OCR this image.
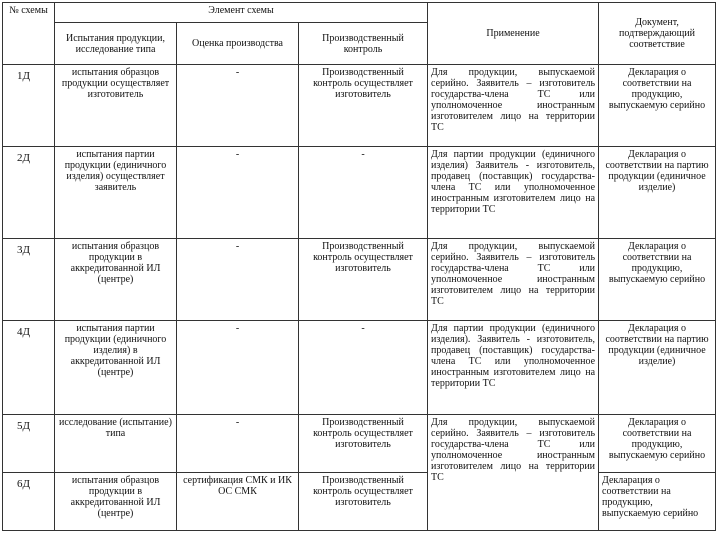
№ схемы	Элемент схемы			Применение	Документ, подтверждающий соответствие
	Испытания продукции, исследование типа	Оценка производства	Производственный контроль		
1Д	испытания образцов продукции осуществляет изготовитель	-	Производственный контроль осуществляет изготовитель	Для продукции, выпускаемой серийно. Заявитель – изготовитель государства-члена ТС или уполномоченное иностранным изготовителем лицо на территории ТС	Декларация о соответствии на продукцию, выпускаемую серийно
2Д	испытания партии продукции (единичного изделия) осуществляет заявитель	-	-	Для партии продукции (единичного изделия) Заявитель - изготовитель, продавец (поставщик) государства-члена ТС или уполномоченное иностранным изготовителем лицо на территории ТС	Декларация о соответствии на партию продукции (единичное изделие)
3Д	испытания образцов продукции в аккредитованной ИЛ (центре)	-	Производственный контроль осуществляет изготовитель	Для продукции, выпускаемой серийно. Заявитель – изготовитель государства-члена ТС или уполномоченное иностранным изготовителем лицо на территории ТС	Декларация о соответствии на продукцию, выпускаемую серийно
4Д	испытания партии продукции (единичного изделия) в аккредитованной ИЛ (центре)	-	-	Для партии продукции (единичного изделия). Заявитель - изготовитель, продавец (поставщик) государства-члена ТС или уполномоченное иностранным изготовителем лицо на территории ТС	Декларация о соответствии на партию продукции (единичное изделие)
5Д	исследование (испытание) типа	-	Производственный контроль осуществляет изготовитель	Для продукции, выпускаемой серийно. Заявитель – изготовитель государства-члена ТС или уполномоченное иностранным изготовителем лицо на территории ТС	Декларация о соответствии на продукцию, выпускаемую серийно
6Д	испытания образцов продукции в аккредитованной ИЛ (центре)	сертификация СМК и ИК ОС СМК	Производственный контроль осуществляет изготовитель		Декларация о соответствии на продукцию, выпускаемую серийно
